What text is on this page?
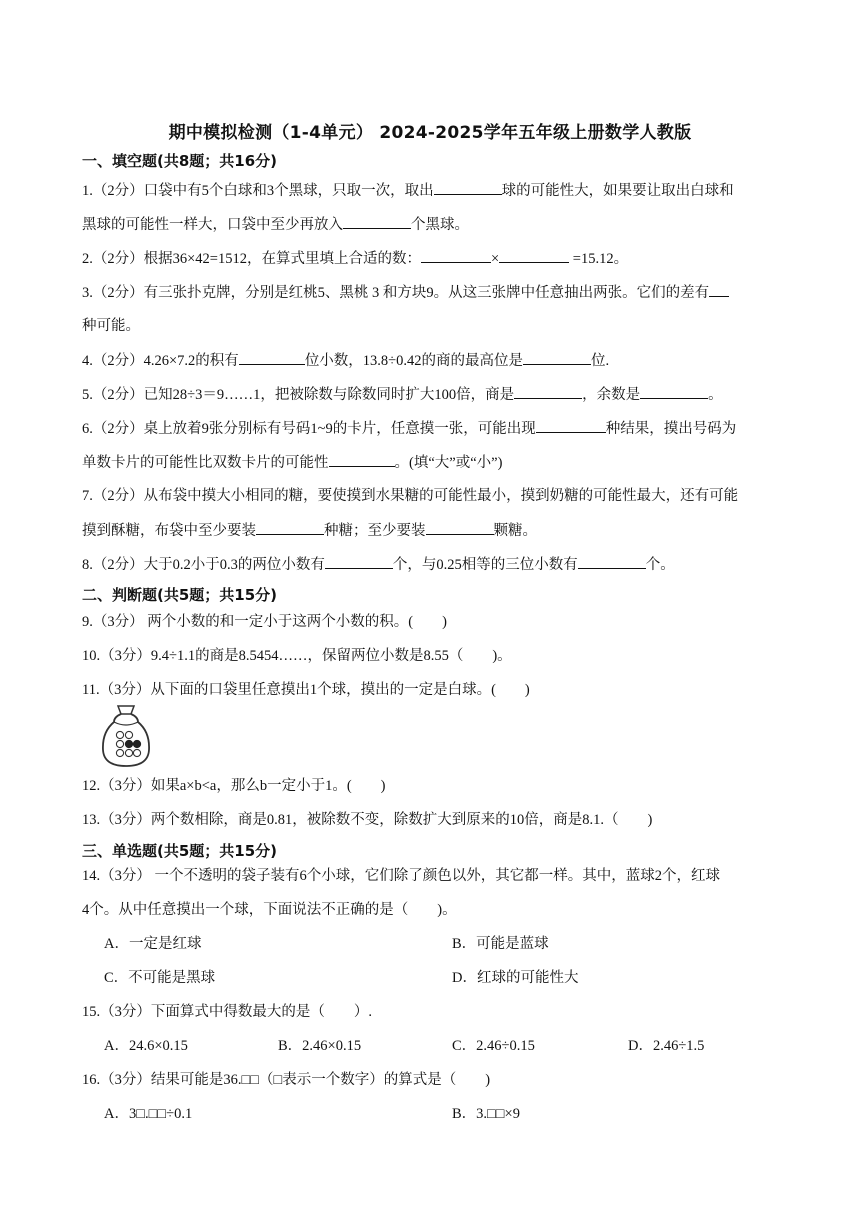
期中模拟检测（1-4单元） 2024-2025学年五年级上册数学人教版
一、填空题(共8题；共16分)
1.（2分）口袋中有5个白球和3个黑球，只取一次，取出	球的可能性大，如果要让取出白球和
黑球的可能性一样大，口袋中至少再放入	个黑球。
2.（2分）根据36×42=1512，在算式里填上合适的数：	×	=15.12。
3.（2分）有三张扑克牌，分别是红桃5、黑桃 3 和方块9。从这三张牌中任意抽出两张。它们的差有
种可能。
4.（2分）4.26×7.2的积有	位小数，13.8÷0.42的商的最高位是	位.
5.（2分）已知28÷3＝9……1，把被除数与除数同时扩大100倍，商是	，余数是	。
6.（2分）桌上放着9张分别标有号码1~9的卡片，任意摸一张，可能出现	种结果，摸出号码为
单数卡片的可能性比双数卡片的可能性	。(填“大”或“小”)
7.（2分）从布袋中摸大小相同的糖，要使摸到水果糖的可能性最小，摸到奶糖的可能性最大，还有可能
摸到酥糖，布袋中至少要装	种糖；至少要装	颗糖。
8.（2分）大于0.2小于0.3的两位小数有	个，与0.25相等的三位小数有	个。
二、判断题(共5题；共15分)
9.（3分） 两个小数的和一定小于这两个小数的积。(　　)
10.（3分）9.4÷1.1的商是8.5454……，保留两位小数是8.55（　　)。
11.（3分）从下面的口袋里任意摸出1个球，摸出的一定是白球。(　　)
12.（3分）如果a×b<a，那么b一定小于1。(　　)
13.（3分）两个数相除，商是0.81，被除数不变，除数扩大到原来的10倍，商是8.1.（　　)
三、单选题(共5题；共15分)
14.（3分） 一个不透明的袋子装有6个小球，它们除了颜色以外，其它都一样。其中，蓝球2个，红球
4个。从中任意摸出一个球，下面说法不正确的是（　　)。
A．一定是红球	B．可能是蓝球
C．不可能是黑球	D．红球的可能性大
15.（3分）下面算式中得数最大的是（　　）.
A．24.6×0.15	B．2.46×0.15	C．2.46÷0.15	D．2.46÷1.5
16.（3分）结果可能是36.□□（□表示一个数字）的算式是（　　)
A．3□.□□÷0.1	B．3.□□×9
